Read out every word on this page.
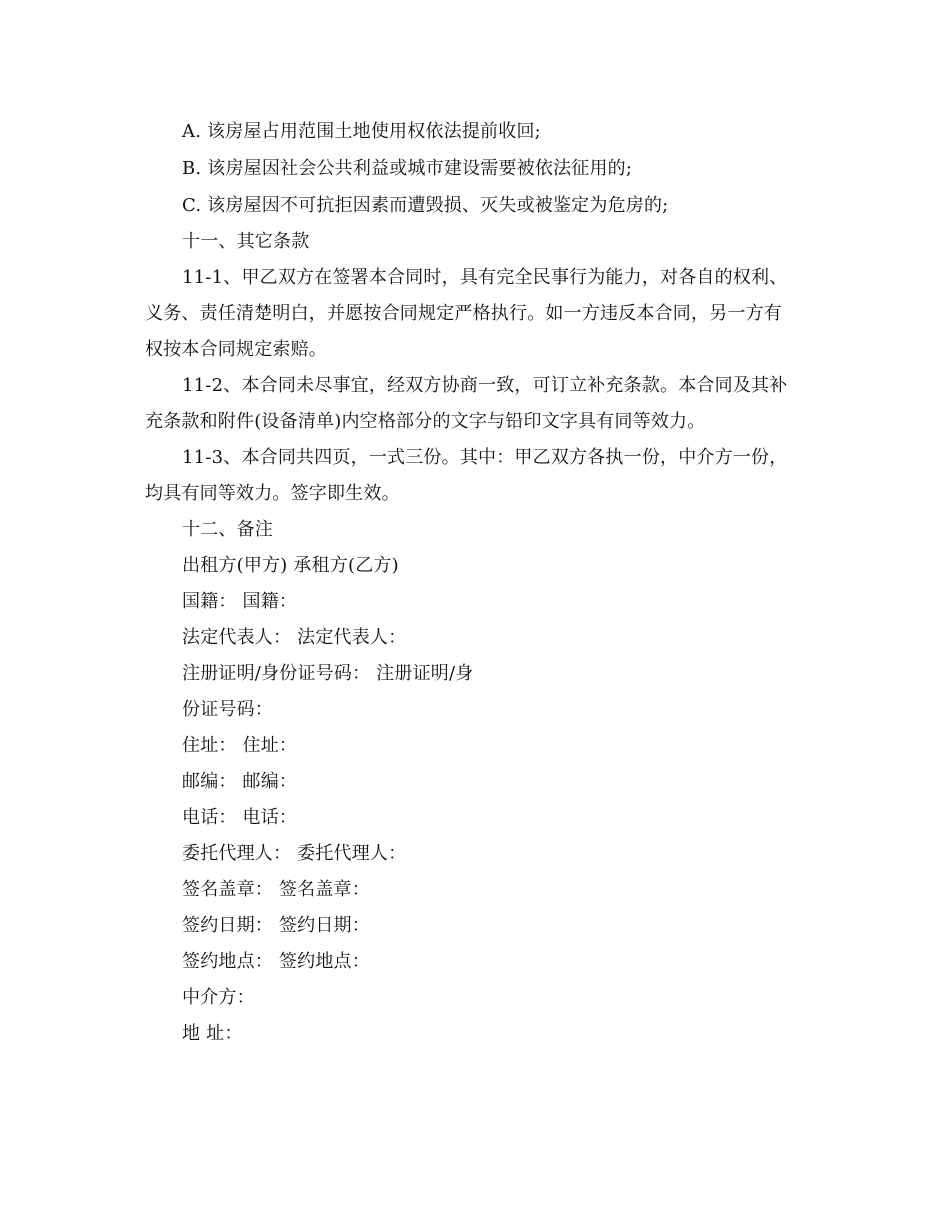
A. 该房屋占用范围土地使用权依法提前收回;
B. 该房屋因社会公共利益或城市建设需要被依法征用的;
C. 该房屋因不可抗拒因素而遭毁损、灭失或被鉴定为危房的;
十一、其它条款
11-1、甲乙双方在签署本合同时，具有完全民事行为能力，对各自的权利、
义务、责任清楚明白，并愿按合同规定严格执行。如一方违反本合同，另一方有
权按本合同规定索赔。
11-2、本合同未尽事宜，经双方协商一致，可订立补充条款。本合同及其补
充条款和附件(设备清单)内空格部分的文字与铅印文字具有同等效力。
11-3、本合同共四页，一式三份。其中：甲乙双方各执一份，中介方一份，
均具有同等效力。签字即生效。
十二、备注
出租方(甲方) 承租方(乙方)
国籍： 国籍：
法定代表人： 法定代表人：
注册证明/身份证号码： 注册证明/身
份证号码：
住址： 住址：
邮编： 邮编：
电话： 电话：
委托代理人： 委托代理人：
签名盖章： 签名盖章：
签约日期： 签约日期：
签约地点： 签约地点：
中介方：
地 址：
